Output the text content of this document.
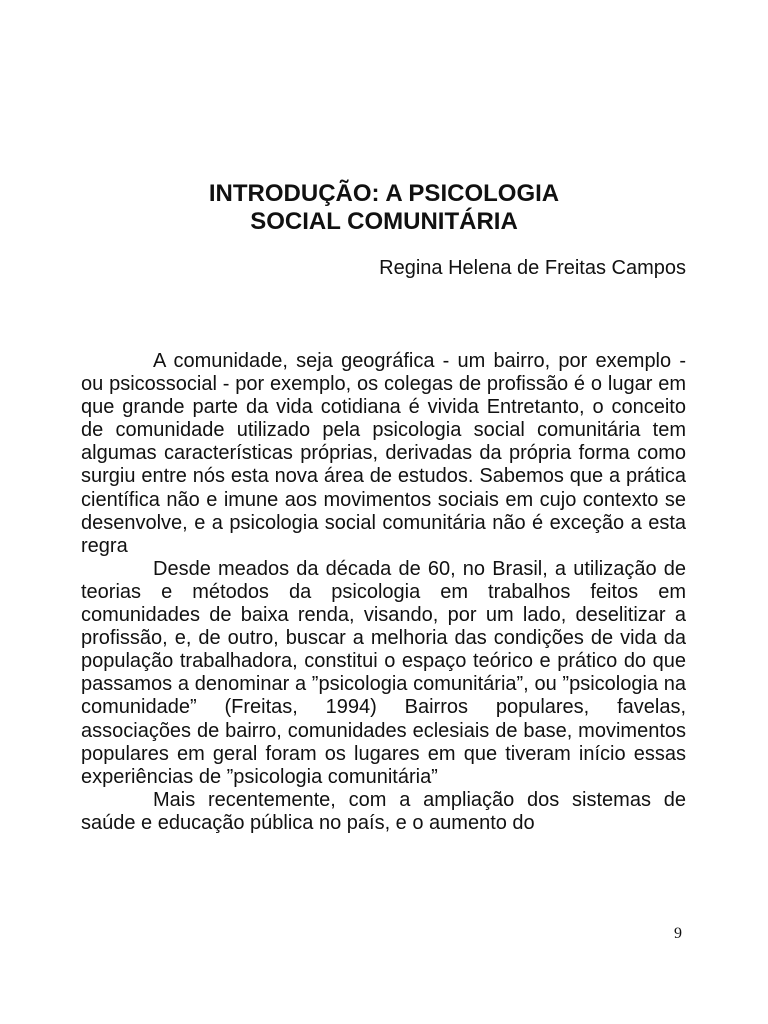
INTRODUÇÃO: A PSICOLOGIA
SOCIAL COMUNITÁRIA

Regina Helena de Freitas Campos

A comunidade, seja geográfica - um bairro, por exemplo - ou psicossocial - por exemplo, os colegas de profissão é o lugar em que grande parte da vida cotidiana é vivida Entretanto, o conceito de comunidade utilizado pela psicologia social comunitária tem algumas características próprias, derivadas da própria forma como surgiu entre nós esta nova área de estudos. Sabemos que a prática científica não e imune aos movimentos sociais em cujo contexto se desenvolve, e a psicologia social comunitária não é exceção a esta regra

Desde meados da década de 60, no Brasil, a utilização de teorias e métodos da psicologia em trabalhos feitos em comunidades de baixa renda, visando, por um lado, deselitizar a profissão, e, de outro, buscar a melhoria das condições de vida da população trabalhadora, constitui o espaço teórico e prático do que passamos a denominar a ”psicologia comunitária”, ou ”psicologia na comunidade” (Freitas, 1994) Bairros populares, favelas, associações de bairro, comunidades eclesiais de base, movimentos populares em geral foram os lugares em que tiveram início essas experiências de ”psicologia comunitária”

Mais recentemente, com a ampliação dos sistemas de saúde e educação pública no país, e o aumento do

9
